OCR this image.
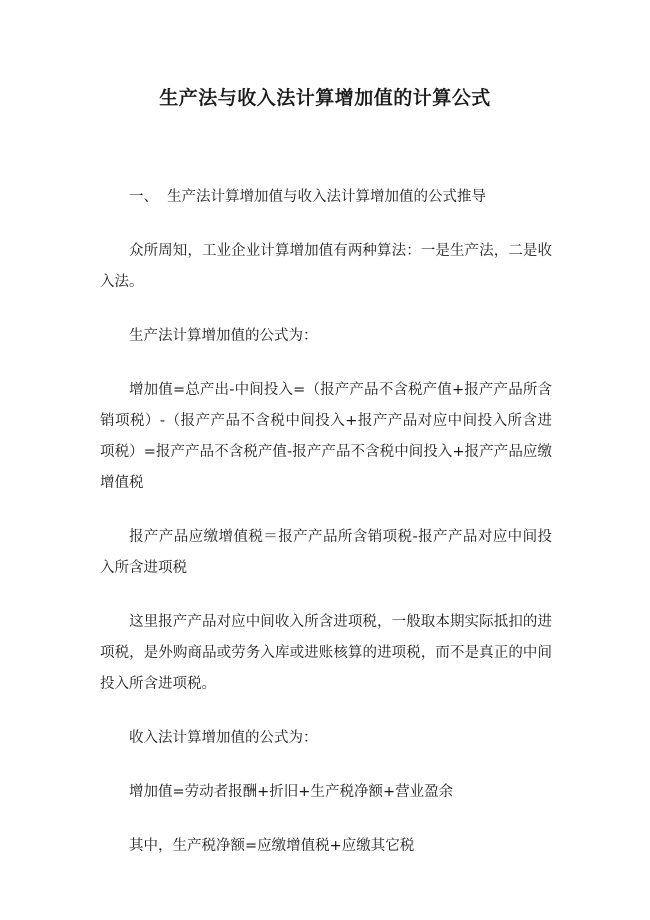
生产法与收入法计算增加值的计算公式

一、 生产法计算增加值与收入法计算增加值的公式推导

众所周知，工业企业计算增加值有两种算法：一是生产法，二是收入法。

生产法计算增加值的公式为：

增加值=总产出-中间投入=（报产产品不含税产值+报产产品所含销项税）-（报产产品不含税中间投入+报产产品对应中间投入所含进项税）=报产产品不含税产值-报产产品不含税中间投入+报产产品应缴增值税

报产产品应缴增值税＝报产产品所含销项税-报产产品对应中间投入所含进项税

这里报产产品对应中间收入所含进项税，一般取本期实际抵扣的进项税，是外购商品或劳务入库或进账核算的进项税，而不是真正的中间投入所含进项税。

收入法计算增加值的公式为：

增加值=劳动者报酬+折旧+生产税净额+营业盈余

其中，生产税净额=应缴增值税+应缴其它税
